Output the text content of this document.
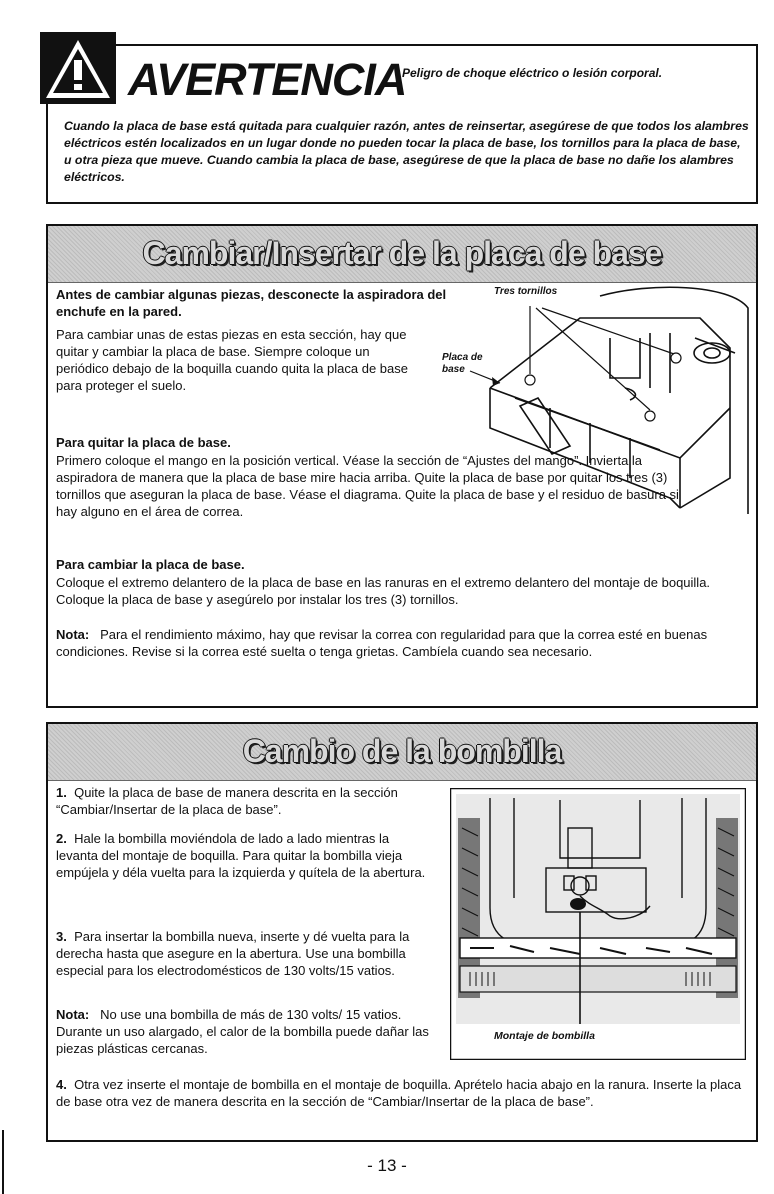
AVERTENCIA
Peligro de choque eléctrico o lesión corporal.
Cuando la placa de base está quitada para cualquier razón, antes de reinsertar, asegúrese de que todos los alambres eléctricos estén localizados en un lugar donde no pueden tocar la placa de base, los tornillos para la placa de base, u otra pieza que mueve. Cuando cambia la placa de base, asegúrese de que la placa de base no dañe los alambres eléctricos.
Cambiar/Insertar de la placa de base
Antes de cambiar algunas piezas, desconecte la aspiradora del enchufe en la pared.
Para cambiar unas de estas piezas en esta sección, hay que quitar y cambiar la placa de base. Siempre coloque un periódico debajo de la boquilla cuando quita la placa de base para proteger el suelo.
Para quitar la placa de base.
Primero coloque el mango en la posición vertical. Véase la sección de “Ajustes del mango”. Invierta la aspiradora de manera que la placa de base mire hacia arriba. Quite la placa de base por quitar los tres (3) tornillos que aseguran la placa de base. Véase el diagrama. Quite la placa de base y el residuo de basura si hay alguno en el área de correa.
Para cambiar la placa de base.
Coloque el extremo delantero de la placa de base en las ranuras en el extremo delantero del montaje de boquilla. Coloque la placa de base y asegúrelo por instalar los tres (3) tornillos.
Nota: Para el rendimiento máximo, hay que revisar la correa con regularidad para que la correa esté en buenas condiciones. Revise si la correa esté suelta o tenga grietas. Cambíela cuando sea necesario.
Tres tornillos
Placa de base
Cambio de la bombilla
1. Quite la placa de base de manera descrita en la sección “Cambiar/Insertar de la placa de base”.
2. Hale la bombilla moviéndola de lado a lado mientras la levanta del montaje de boquilla. Para quitar la bombilla vieja empújela y déla vuelta para la izquierda y quítela de la abertura.
3. Para insertar la bombilla nueva, inserte y dé vuelta para la derecha hasta que asegure en la abertura. Use una bombilla especial para los electrodomésticos de 130 volts/15 vatios.
Nota: No use una bombilla de más de 130 volts/ 15 vatios. Durante un uso alargado, el calor de la bombilla puede dañar las piezas plásticas cercanas.
4. Otra vez inserte el montaje de bombilla en el montaje de boquilla. Aprételo hacia abajo en la ranura. Inserte la placa de base otra vez de manera descrita en la sección de “Cambiar/Insertar de la placa de base”.
Montaje de bombilla
- 13 -
